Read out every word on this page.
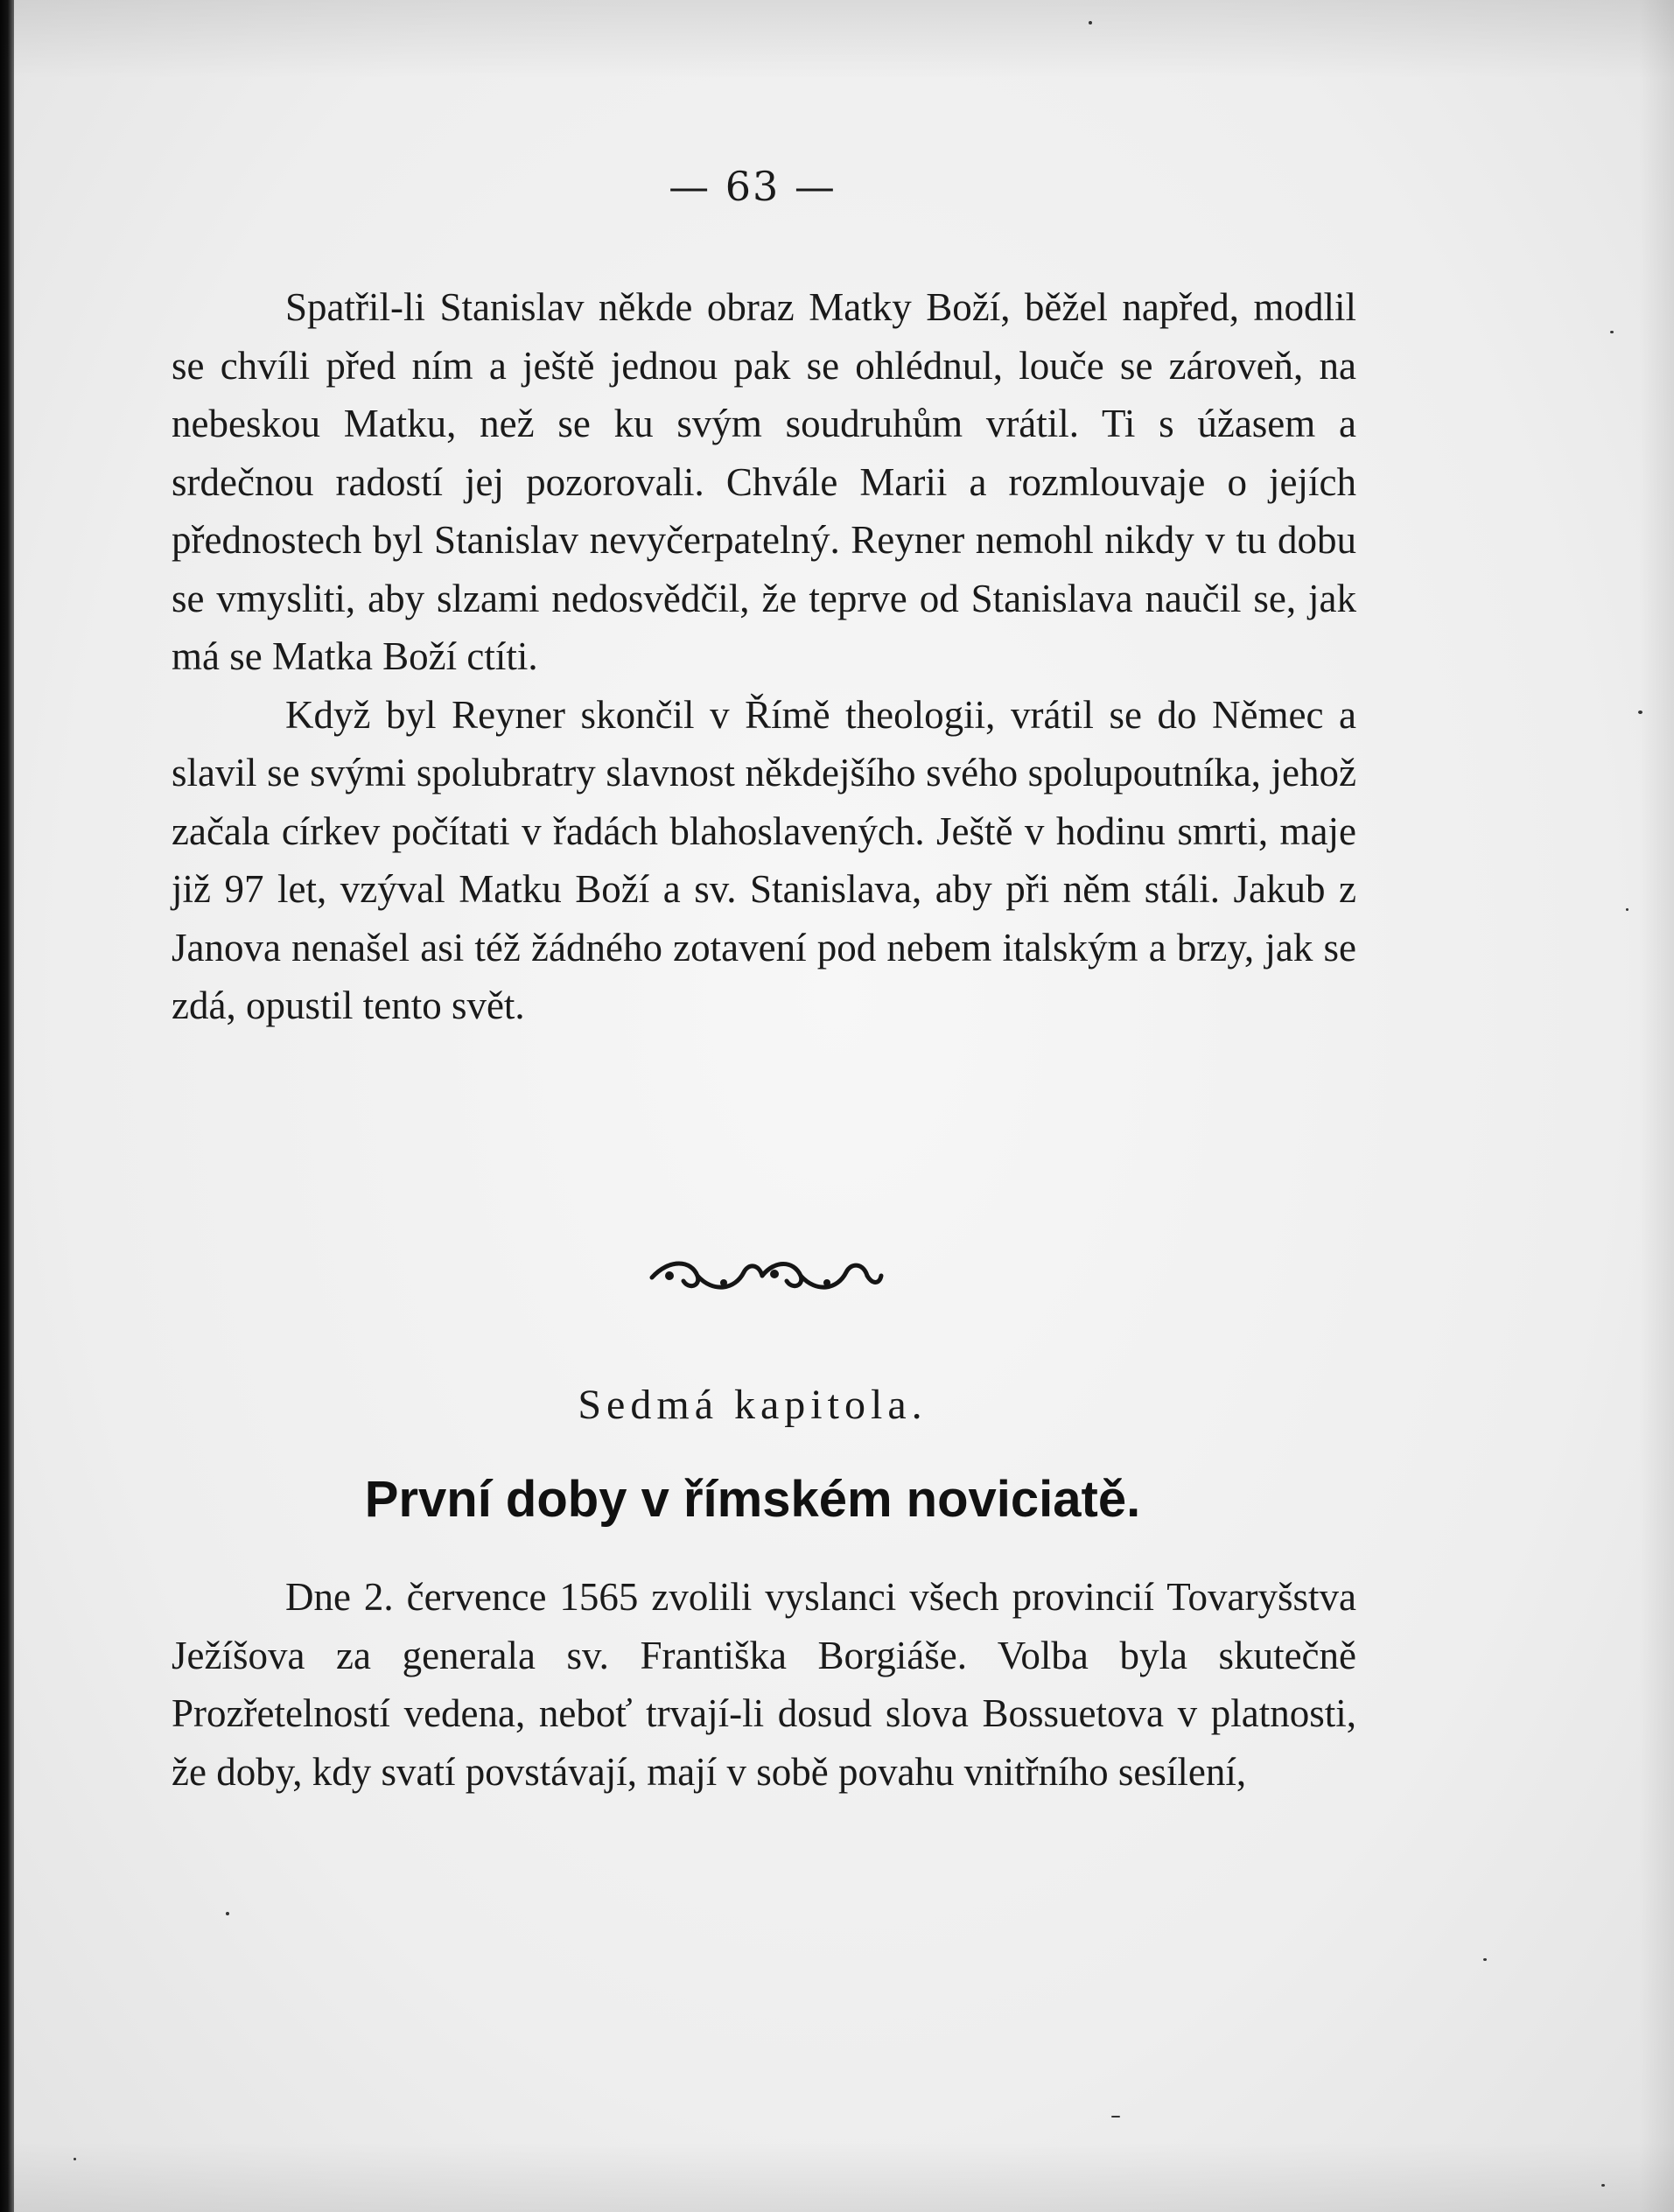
— 63 —

Spatřil-li Stanislav někde obraz Matky Boží, běžel napřed, modlil se chvíli před ním a ještě jednou pak se ohlédnul, louče se zároveň, na nebeskou Matku, než se ku svým soudruhům vrátil. Ti s úžasem a srdečnou radostí jej pozorovali. Chvále Marii a rozmlouvaje o jejích přednostech byl Stanislav nevyčerpatelný. Reyner nemohl nikdy v tu dobu se vmysliti, aby slzami nedosvědčil, že teprve od Stanislava naučil se, jak má se Matka Boží ctíti.

Když byl Reyner skončil v Římě theologii, vrátil se do Němec a slavil se svými spolubratry slavnost někdejšího svého spolupoutníka, jehož začala církev počítati v řadách blahoslavených. Ještě v hodinu smrti, maje již 97 let, vzýval Matku Boží a sv. Stanislava, aby při něm stáli. Jakub z Janova nenašel asi též žádného zotavení pod nebem italským a brzy, jak se zdá, opustil tento svět.

Sedmá kapitola.
První doby v římském noviciatě.

Dne 2. července 1565 zvolili vyslanci všech provincií Tovaryšstva Ježíšova za generala sv. Františka Borgiáše. Volba byla skutečně Prozřetelností vedena, neboť trvají-li dosud slova Bossuetova v platnosti, že doby, kdy svatí povstávají, mají v sobě povahu vnitřního sesílení,
